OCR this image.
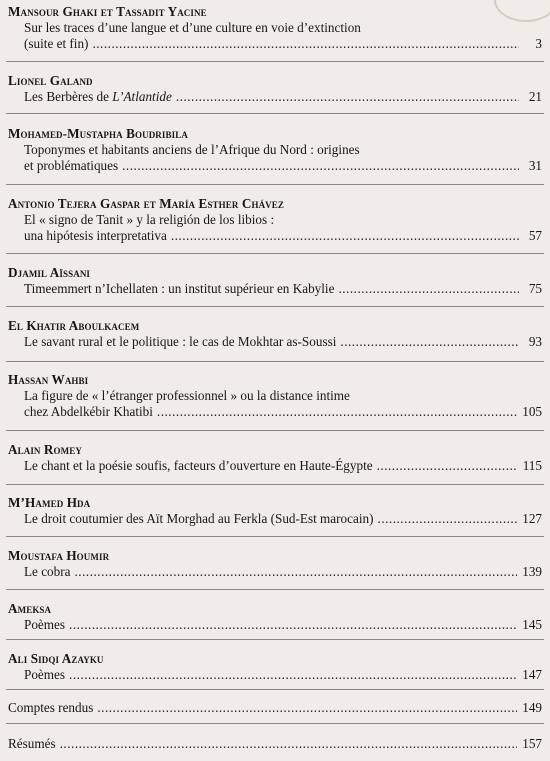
Mansour Ghaki et Tassadit Yacine
Sur les traces d’une langue et d’une culture en voie d’extinction
(suite et fin) .....	3
Lionel Galand
Les Berbères de L’Atlantide .....	21
Mohamed-Mustapha Boudribila
Toponymes et habitants anciens de l’Afrique du Nord : origines
et problématiques .....	31
Antonio Tejera Gaspar et María Esther Chávez
El « signo de Tanit » y la religión de los libios :
una hipótesis interpretativa .....	57
Djamil Aïssani
Timeemmert n’Ichellaten : un institut supérieur en Kabylie .....	75
El Khatir Aboulkacem
Le savant rural et le politique : le cas de Mokhtar as-Soussi .....	93
Hassan Wahbi
La figure de « l’étranger professionnel » ou la distance intime
chez Abdelkébir Khatibi .....	105
Alain Romey
Le chant et la poésie soufis, facteurs d’ouverture en Haute-Égypte .....	115
M’Hamed Hda
Le droit coutumier des Aït Morghad au Ferkla (Sud-Est marocain) .....	127
Moustafa Houmir
Le cobra .....	139
Ameksa
Poèmes .....	145
Ali Sidqi Azayku
Poèmes .....	147
Comptes rendus .....	149
Résumés .....	157
